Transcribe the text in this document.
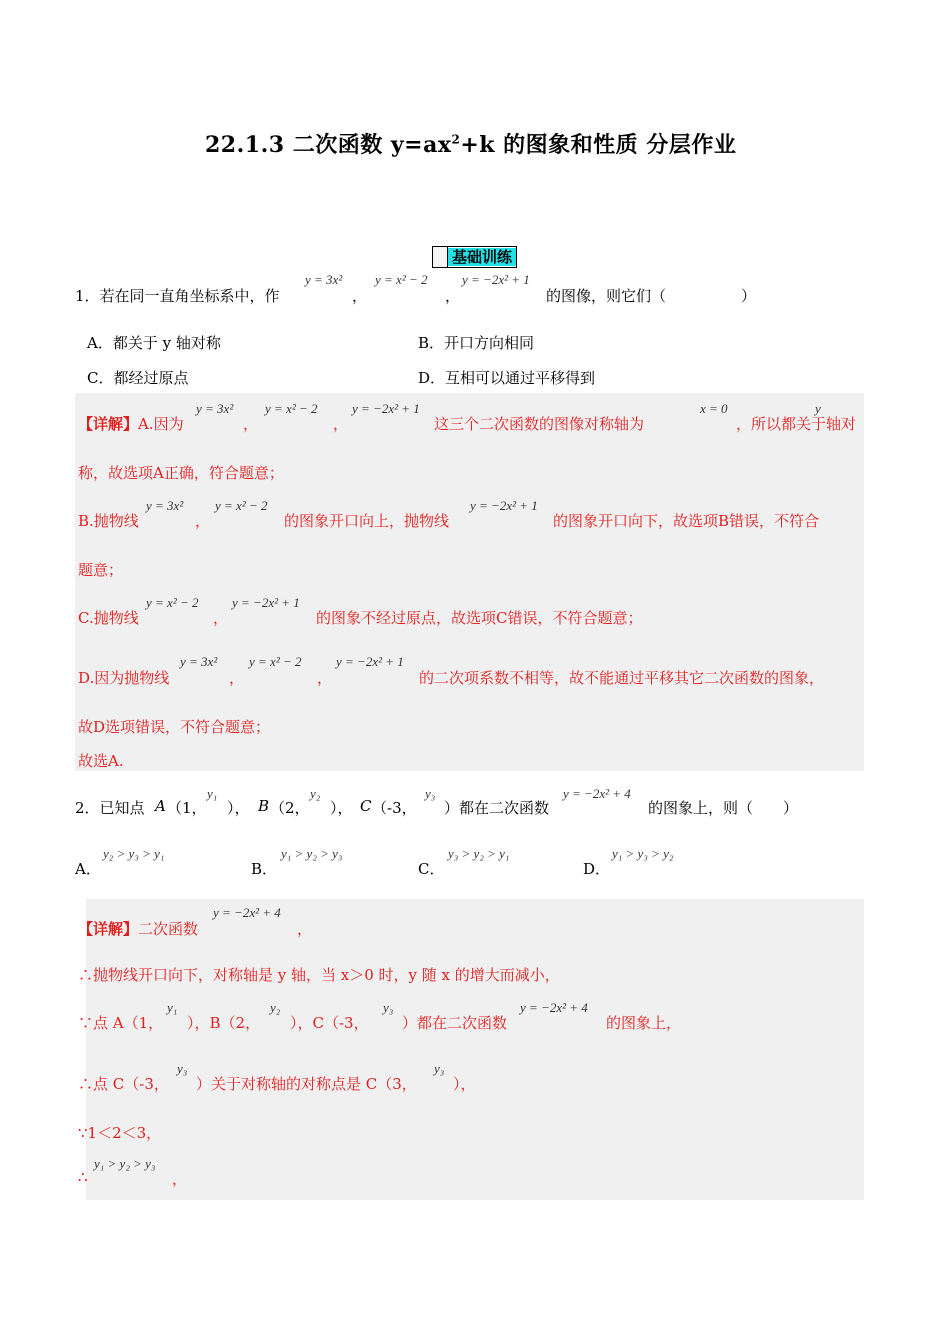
22.1.3 二次函数 $y=ax^2+k$ 的图象和性质 分层作业
基础训练
1．若在同一直角坐标系中，作
y = 3x²
，
y = x² − 2
，
y = −2x² + 1
的图像，则它们（　　　　　）
A．都关于 y 轴对称	B．开口方向相同
C．都经过原点	D．互相可以通过平移得到
【详解】A.因为
y = 3x²
，
y = x² − 2
，
y = −2x² + 1
这三个二次函数的图像对称轴为
x = 0
，所以都关于
y
轴对
称，故选项A正确，符合题意；
B.抛物线
y = 3x²
，
y = x² − 2
的图象开口向上，抛物线
y = −2x² + 1
的图象开口向下，故选项B错误，不符合
题意；
C.抛物线
y = x² − 2
，
y = −2x² + 1
的图象不经过原点，故选项C错误，不符合题意；
D.因为抛物线
y = 3x²
，
y = x² − 2
，
y = −2x² + 1
的二次项系数不相等，故不能通过平移其它二次函数的图象，
故D选项错误，不符合题意；
故选A.
2．已知点 A （1，
y₁
）， B （2，
y₂
）， C （-3，
y₃
）都在二次函数
y = −2x² + 4
的图象上，则（　　）
A．
y₂ > y₃ > y₁
B．
y₁ > y₂ > y₃
C．
y₃ > y₂ > y₁
D．
y₁ > y₃ > y₂
【详解】二次函数
y = −2x² + 4
，
∴抛物线开口向下，对称轴是 y 轴，当 x＞0 时，y 随 x 的增大而减小，
∵点 A（1，
y₁
），B（2，
y₂
），C（-3，
y₃
）都在二次函数
y = −2x² + 4
的图象上，
∴点 C（-3，
y₃
）关于对称轴的对称点是 C（3，
y₃
），
∵1＜2＜3，
∴
y₁ > y₂ > y₃
，
